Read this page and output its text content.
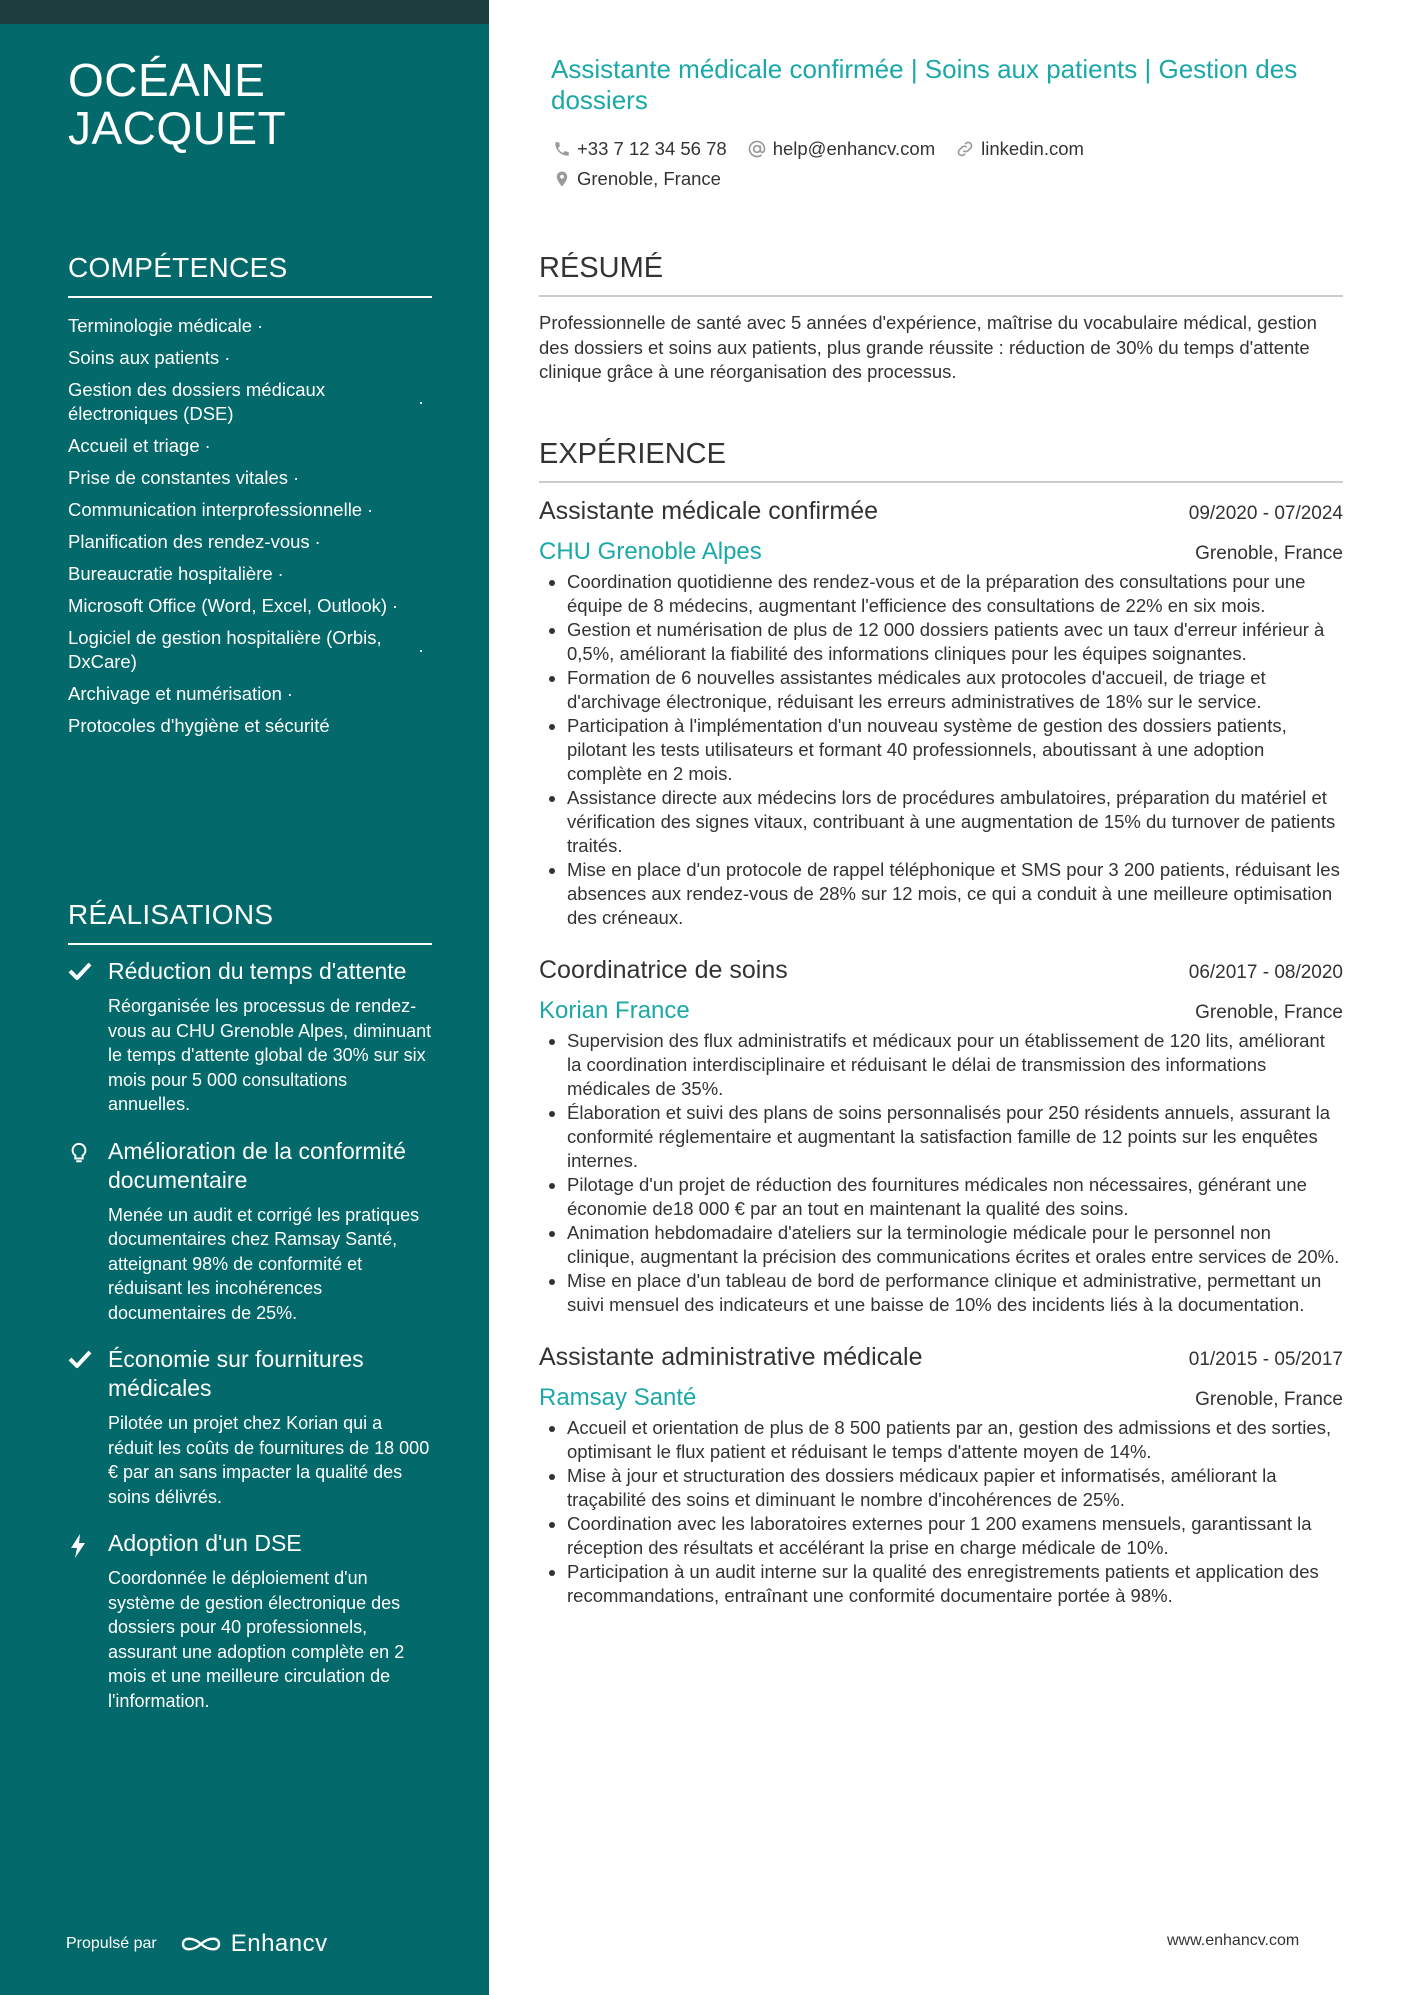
OCÉANE JACQUET
COMPÉTENCES
Terminologie médicale ·
Soins aux patients ·
Gestion des dossiers médicaux électroniques (DSE)
·
Accueil et triage ·
Prise de constantes vitales ·
Communication interprofessionnelle ·
Planification des rendez-vous ·
Bureaucratie hospitalière ·
Microsoft Office (Word, Excel, Outlook) ·
Logiciel de gestion hospitalière (Orbis, DxCare)
·
Archivage et numérisation ·
Protocoles d'hygiène et sécurité
RÉALISATIONS
Réduction du temps d'attente

Réorganisée les processus de rendez-vous au CHU Grenoble Alpes, diminuant le temps d'attente global de 30% sur six mois pour 5 000 consultations annuelles.

Amélioration de la conformité documentaire

Menée un audit et corrigé les pratiques documentaires chez Ramsay Santé, atteignant 98% de conformité et réduisant les incohérences documentaires de 25%.

Économie sur fournitures médicales

Pilotée un projet chez Korian qui a réduit les coûts de fournitures de 18 000 € par an sans impacter la qualité des soins délivrés.

Adoption d'un DSE

Coordonnée le déploiement d'un système de gestion électronique des dossiers pour 40 professionnels, assurant une adoption complète en 2 mois et une meilleure circulation de l'information.

Propulsé par	Enhancv
Assistante médicale confirmée | Soins aux patients | Gestion des dossiers
+33 7 12 34 56 78 help@enhancv.com linkedin.com
Grenoble, France
RÉSUMÉ
Professionnelle de santé avec 5 années d'expérience, maîtrise du vocabulaire médical, gestion des dossiers et soins aux patients, plus grande réussite : réduction de 30% du temps d'attente clinique grâce à une réorganisation des processus.
EXPÉRIENCE
Assistante médicale confirmée	09/2020 - 07/2024
CHU Grenoble Alpes	Grenoble, France
• Coordination quotidienne des rendez-vous et de la préparation des consultations pour une équipe de 8 médecins, augmentant l'efficience des consultations de 22% en six mois.
• Gestion et numérisation de plus de 12 000 dossiers patients avec un taux d'erreur inférieur à 0,5%, améliorant la fiabilité des informations cliniques pour les équipes soignantes.
• Formation de 6 nouvelles assistantes médicales aux protocoles d'accueil, de triage et d'archivage électronique, réduisant les erreurs administratives de 18% sur le service.
• Participation à l'implémentation d'un nouveau système de gestion des dossiers patients, pilotant les tests utilisateurs et formant 40 professionnels, aboutissant à une adoption complète en 2 mois.
• Assistance directe aux médecins lors de procédures ambulatoires, préparation du matériel et vérification des signes vitaux, contribuant à une augmentation de 15% du turnover de patients traités.
• Mise en place d'un protocole de rappel téléphonique et SMS pour 3 200 patients, réduisant les absences aux rendez-vous de 28% sur 12 mois, ce qui a conduit à une meilleure optimisation des créneaux.
Coordinatrice de soins	06/2017 - 08/2020
Korian France	Grenoble, France
• Supervision des flux administratifs et médicaux pour un établissement de 120 lits, améliorant la coordination interdisciplinaire et réduisant le délai de transmission des informations médicales de 35%.
• Élaboration et suivi des plans de soins personnalisés pour 250 résidents annuels, assurant la conformité réglementaire et augmentant la satisfaction famille de 12 points sur les enquêtes internes.
• Pilotage d'un projet de réduction des fournitures médicales non nécessaires, générant une économie de18 000 € par an tout en maintenant la qualité des soins.
• Animation hebdomadaire d'ateliers sur la terminologie médicale pour le personnel non clinique, augmentant la précision des communications écrites et orales entre services de 20%.
• Mise en place d'un tableau de bord de performance clinique et administrative, permettant un suivi mensuel des indicateurs et une baisse de 10% des incidents liés à la documentation.
Assistante administrative médicale	01/2015 - 05/2017
Ramsay Santé	Grenoble, France
• Accueil et orientation de plus de 8 500 patients par an, gestion des admissions et des sorties, optimisant le flux patient et réduisant le temps d'attente moyen de 14%.
• Mise à jour et structuration des dossiers médicaux papier et informatisés, améliorant la traçabilité des soins et diminuant le nombre d'incohérences de 25%.
• Coordination avec les laboratoires externes pour 1 200 examens mensuels, garantissant la réception des résultats et accélérant la prise en charge médicale de 10%.
• Participation à un audit interne sur la qualité des enregistrements patients et application des recommandations, entraînant une conformité documentaire portée à 98%.
www.enhancv.com
